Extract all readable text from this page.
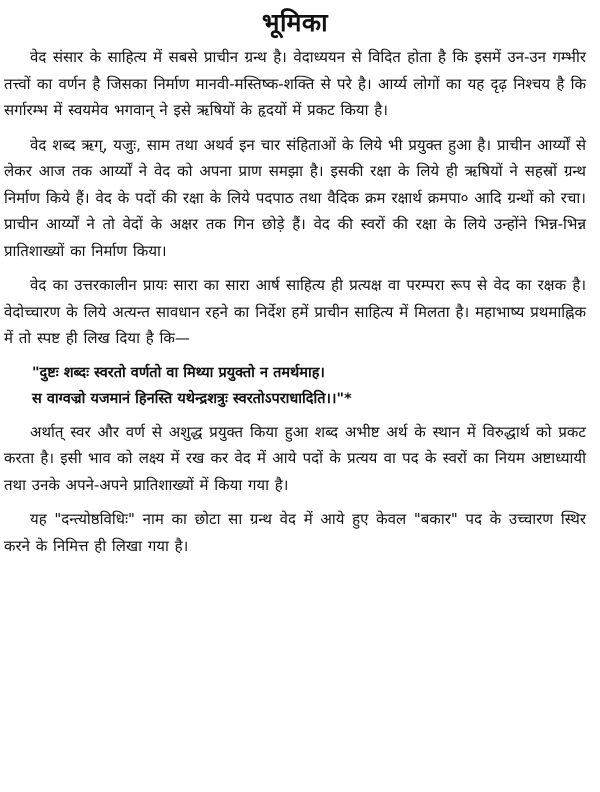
भूमिका

वेद संसार के साहित्य में सबसे प्राचीन ग्रन्थ है। वेदाध्ययन से विदित होता है कि इसमें उन-उन गम्भीर तत्त्वों का वर्णन है जिसका निर्माण मानवी-मस्तिष्क-शक्ति से परे है। आर्य्य लोगों का यह दृढ़ निश्चय है कि सर्गारम्भ में स्वयमेव भगवान् ने इसे ऋषियों के हृदयों में प्रकट किया है।

वेद शब्द ऋग्, यजुः, साम तथा अथर्व इन चार संहिताओं के लिये भी प्रयुक्त हुआ है। प्राचीन आर्य्यों से लेकर आज तक आर्य्यों ने वेद को अपना प्राण समझा है। इसकी रक्षा के लिये ही ऋषियों ने सहस्रों ग्रन्थ निर्माण किये हैं। वेद के पदों की रक्षा के लिये पदपाठ तथा वैदिक क्रम रक्षार्थ क्रमपा० आदि ग्रन्थों को रचा। प्राचीन आर्य्यों ने तो वेदों के अक्षर तक गिन छोड़े हैं। वेद की स्वरों की रक्षा के लिये उन्होंने भिन्न-भिन्न प्रातिशाख्यों का निर्माण किया।

वेद का उत्तरकालीन प्रायः सारा का सारा आर्ष साहित्य ही प्रत्यक्ष वा परम्परा रूप से वेद का रक्षक है। वेदोच्चारण के लिये अत्यन्त सावधान रहने का निर्देश हमें प्राचीन साहित्य में मिलता है। महाभाष्य प्रथमाह्निक में तो स्पष्ट ही लिख दिया है कि—

"दुष्टः शब्दः स्वरतो वर्णतो वा मिथ्या प्रयुक्तो न तमर्थमाह।
स वाग्वज्रो यजमानं हिनस्ति यथेन्द्रशत्रुः स्वरतोऽपराधादिति।।"*

अर्थात् स्वर और वर्ण से अशुद्ध प्रयुक्त किया हुआ शब्द अभीष्ट अर्थ के स्थान में विरुद्धार्थ को प्रकट करता है। इसी भाव को लक्ष्य में रख कर वेद में आये पदों के प्रत्यय वा पद के स्वरों का नियम अष्टाध्यायी तथा उनके अपने-अपने प्रातिशाख्यों में किया गया है।

यह "दन्त्योष्ठविधिः" नाम का छोटा सा ग्रन्थ वेद में आये हुए केवल "बकार" पद के उच्चारण स्थिर करने के निमित्त ही लिखा गया है।
